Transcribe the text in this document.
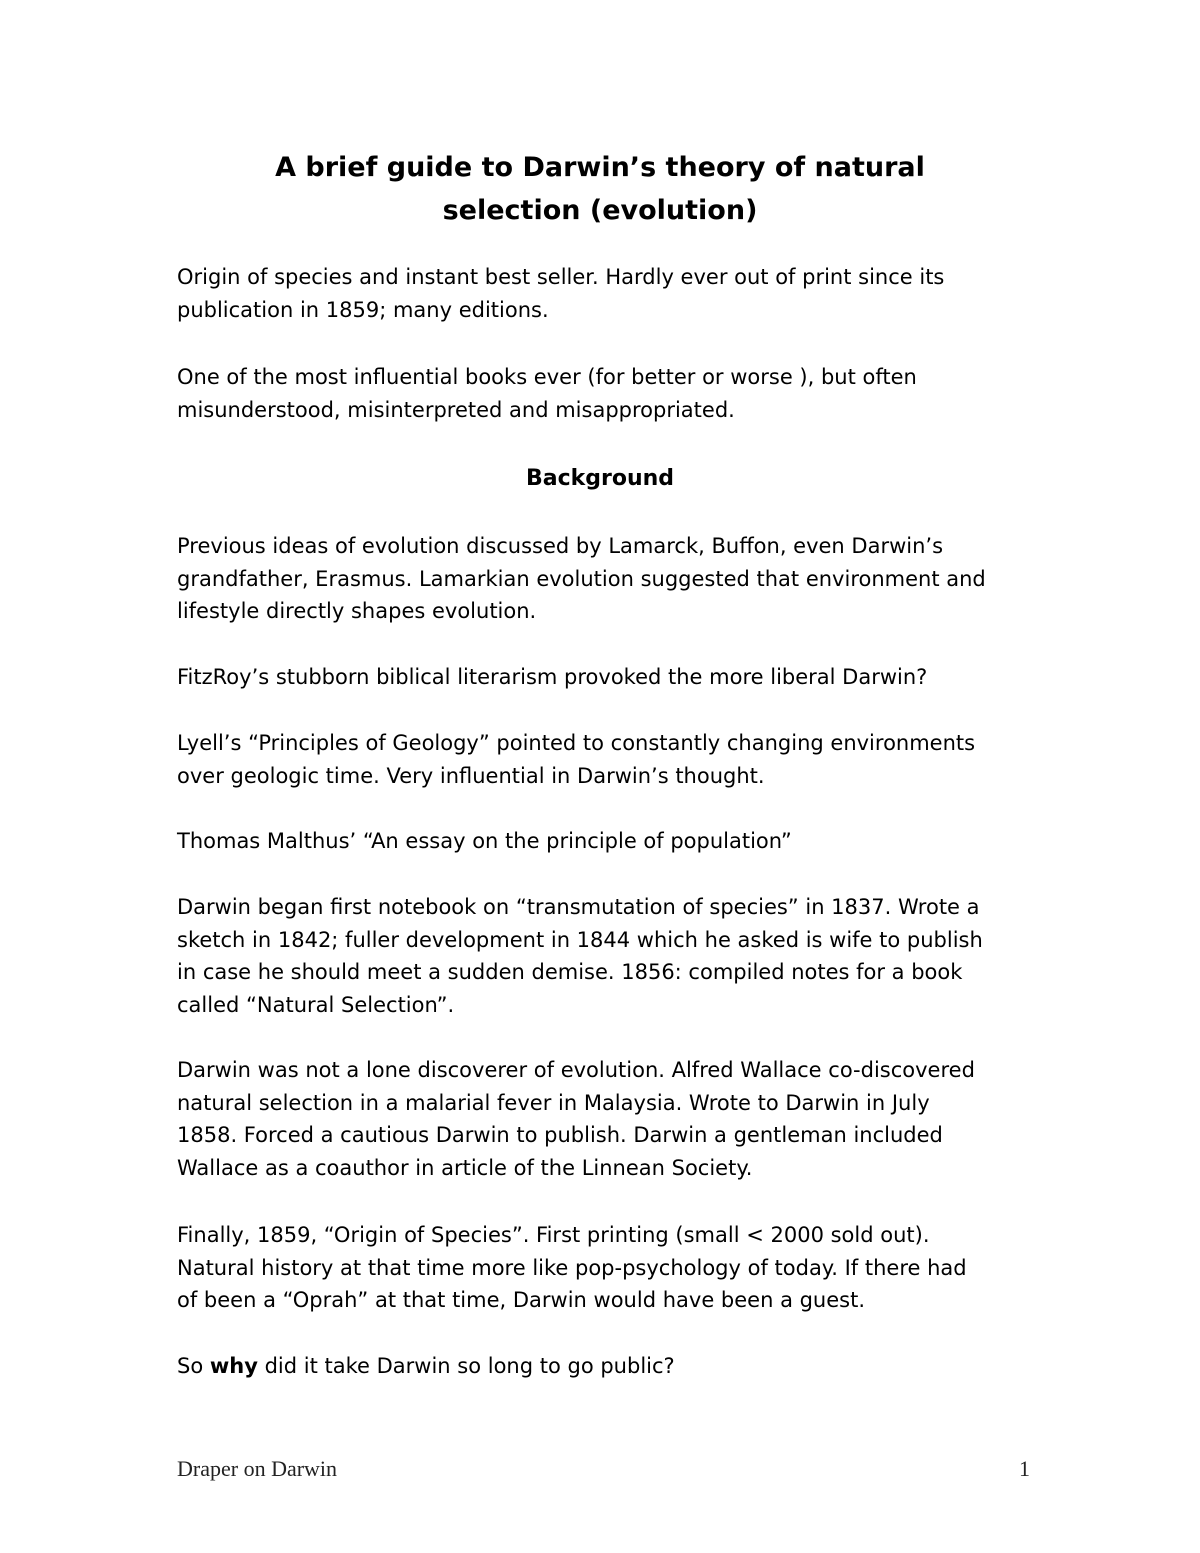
A brief guide to Darwin’s theory of natural
selection (evolution)
Origin of species and instant best seller. Hardly ever out of print since its
publication in 1859; many editions.
One of the most influential books ever (for better or worse ), but often
misunderstood, misinterpreted and misappropriated.
Background
Previous ideas of evolution discussed by Lamarck, Buffon, even Darwin’s
grandfather, Erasmus. Lamarkian evolution suggested that environment and
lifestyle directly shapes evolution.
FitzRoy’s stubborn biblical literarism provoked the more liberal Darwin?
Lyell’s “Principles of Geology” pointed to constantly changing environments
over geologic time. Very influential in Darwin’s thought.
Thomas Malthus’ “An essay on the principle of population”
Darwin began first notebook on “transmutation of species” in 1837. Wrote a
sketch in 1842; fuller development in 1844 which he asked is wife to publish
in case he should meet a sudden demise. 1856: compiled notes for a book
called “Natural Selection”.
Darwin was not a lone discoverer of evolution. Alfred Wallace co-discovered
natural selection in a malarial fever in Malaysia. Wrote to Darwin in July
1858. Forced a cautious Darwin to publish. Darwin a gentleman included
Wallace as a coauthor in article of the Linnean Society.
Finally, 1859, “Origin of Species”. First printing (small < 2000 sold out).
Natural history at that time more like pop-psychology of today. If there had
of been a “Oprah” at that time, Darwin would have been a guest.
So why did it take Darwin so long to go public?
Draper on Darwin	1
